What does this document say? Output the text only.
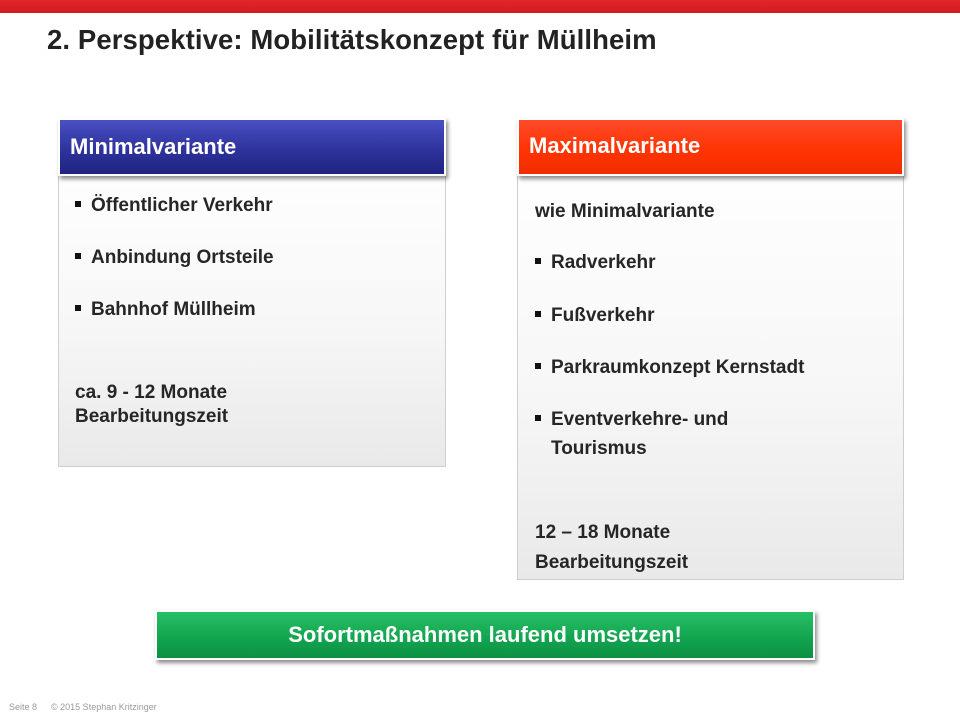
2. Perspektive: Mobilitätskonzept für Müllheim
Minimalvariante
Öffentlicher Verkehr
Anbindung Ortsteile
Bahnhof Müllheim
ca. 9 - 12 Monate
Bearbeitungszeit
Maximalvariante
wie Minimalvariante
Radverkehr
Fußverkehr
Parkraumkonzept Kernstadt
Eventverkehre- und
Tourismus
12 – 18 Monate
Bearbeitungszeit
Sofortmaßnahmen laufend umsetzen!
Seite 8 © 2015 Stephan Kritzinger
